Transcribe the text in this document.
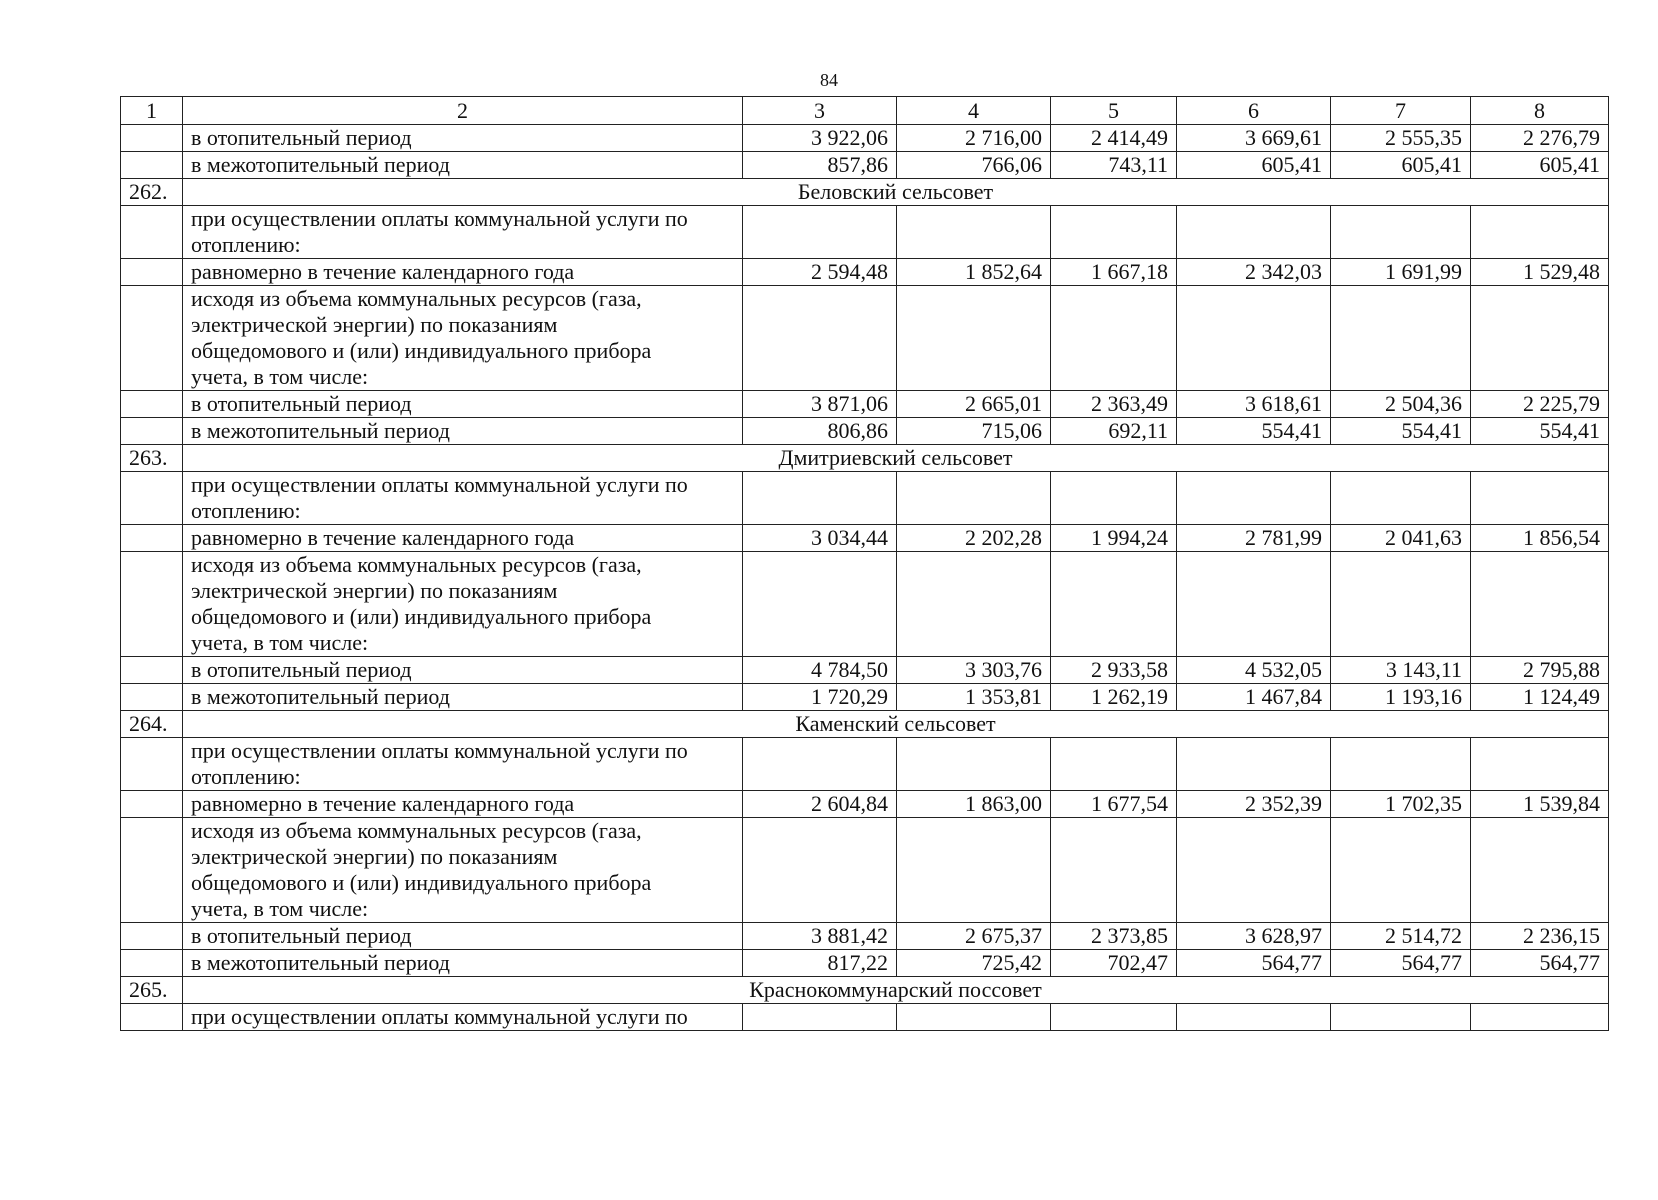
84
1	2	3	4	5	6	7	8
	в отопительный период	3 922,06	2 716,00	2 414,49	3 669,61	2 555,35	2 276,79
	в межотопительный период	857,86	766,06	743,11	605,41	605,41	605,41
262.	Беловский сельсовет						

	при осуществлении оплаты коммунальной услуги по
отоплению:						

	равномерно в течение календарного года	2 594,48	1 852,64	1 667,18	2 342,03	1 691,99	1 529,48

	исходя из объема коммунальных ресурсов (газа,
электрической энергии) по показаниям
общедомового и (или) индивидуального прибора
учета, в том числе:						

	в отопительный период	3 871,06	2 665,01	2 363,49	3 618,61	2 504,36	2 225,79
	в межотопительный период	806,86	715,06	692,11	554,41	554,41	554,41
263.	Дмитриевский сельсовет						

	при осуществлении оплаты коммунальной услуги по
отоплению:						

	равномерно в течение календарного года	3 034,44	2 202,28	1 994,24	2 781,99	2 041,63	1 856,54

	исходя из объема коммунальных ресурсов (газа,
электрической энергии) по показаниям
общедомового и (или) индивидуального прибора
учета, в том числе:						

	в отопительный период	4 784,50	3 303,76	2 933,58	4 532,05	3 143,11	2 795,88
	в межотопительный период	1 720,29	1 353,81	1 262,19	1 467,84	1 193,16	1 124,49
264.	Каменский сельсовет						

	при осуществлении оплаты коммунальной услуги по
отоплению:						

	равномерно в течение календарного года	2 604,84	1 863,00	1 677,54	2 352,39	1 702,35	1 539,84

	исходя из объема коммунальных ресурсов (газа,
электрической энергии) по показаниям
общедомового и (или) индивидуального прибора
учета, в том числе:						

	в отопительный период	3 881,42	2 675,37	2 373,85	3 628,97	2 514,72	2 236,15
	в межотопительный период	817,22	725,42	702,47	564,77	564,77	564,77
265.	Краснокоммунарский поссовет						

	при осуществлении оплаты коммунальной услуги по						
